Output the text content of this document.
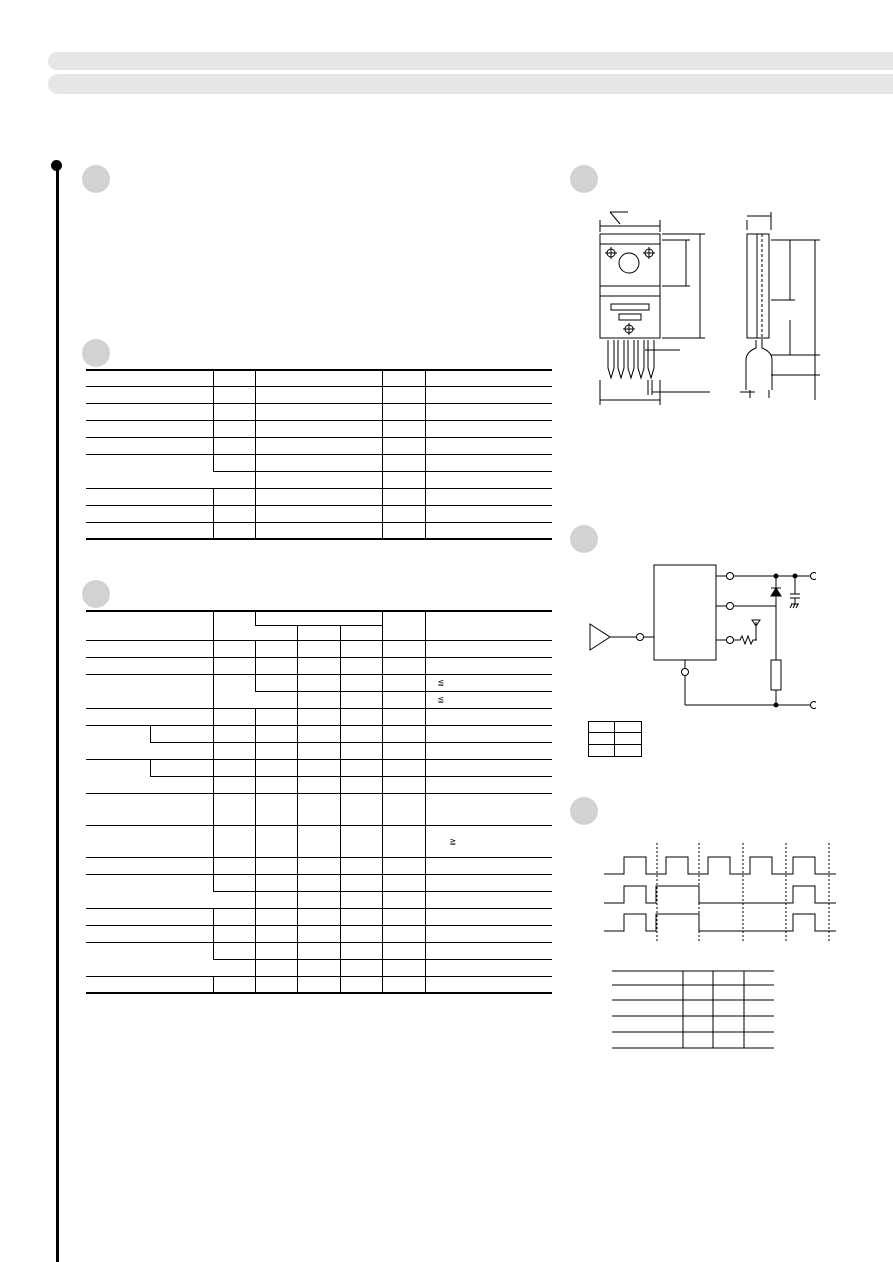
							≦
							≦

							≧
